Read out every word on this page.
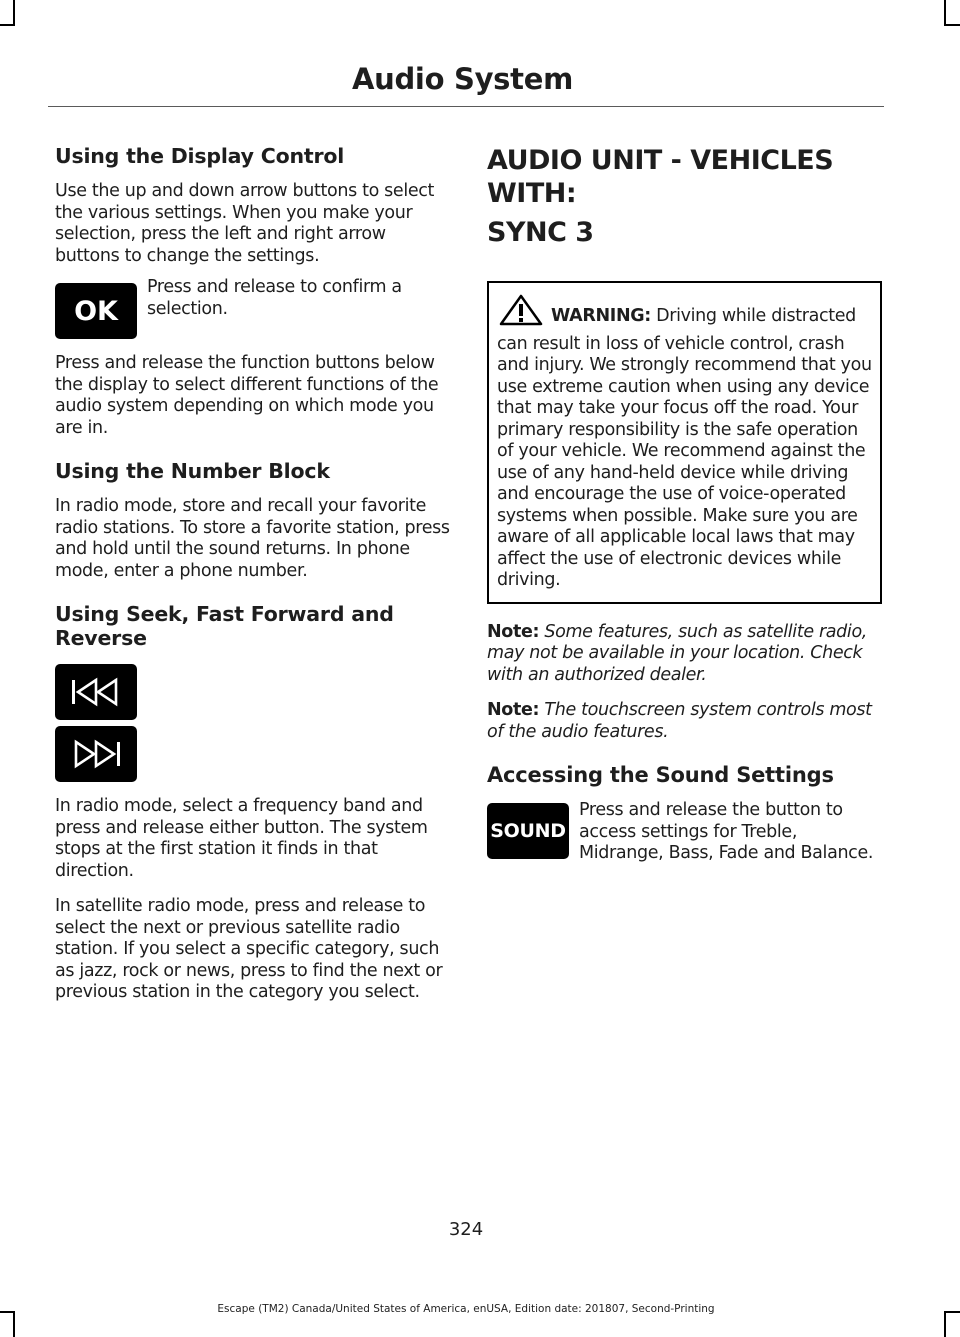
Audio System
Using the Display Control

Use the up and down arrow buttons to select the various settings. When you make your selection, press the left and right arrow buttons to change the settings.

OK

Press and release to confirm a selection.

Press and release the function buttons below the display to select different functions of the audio system depending on which mode you are in.

Using the Number Block

In radio mode, store and recall your favorite radio stations. To store a favorite station, press and hold until the sound returns. In phone mode, enter a phone number.

Using Seek, Fast Forward and Reverse

In radio mode, select a frequency band and press and release either button. The system stops at the first station it finds in that direction.

In satellite radio mode, press and release to select the next or previous satellite radio station. If you select a specific category, such as jazz, rock or news, press to find the next or previous station in the category you select.

AUDIO UNIT - VEHICLES WITH:
SYNC 3

WARNING: Driving while distracted can result in loss of vehicle control, crash and injury. We strongly recommend that you use extreme caution when using any device that may take your focus off the road. Your primary responsibility is the safe operation of your vehicle. We recommend against the use of any hand-held device while driving and encourage the use of voice-operated systems when possible. Make sure you are aware of all applicable local laws that may affect the use of electronic devices while driving.

Note: Some features, such as satellite radio, may not be available in your location. Check with an authorized dealer.

Note: The touchscreen system controls most of the audio features.

Accessing the Sound Settings
SOUND

Press and release the button to access settings for Treble, Midrange, Bass, Fade and Balance.

324
Escape (TM2) Canada/United States of America, enUSA, Edition date: 201807, Second-Printing
